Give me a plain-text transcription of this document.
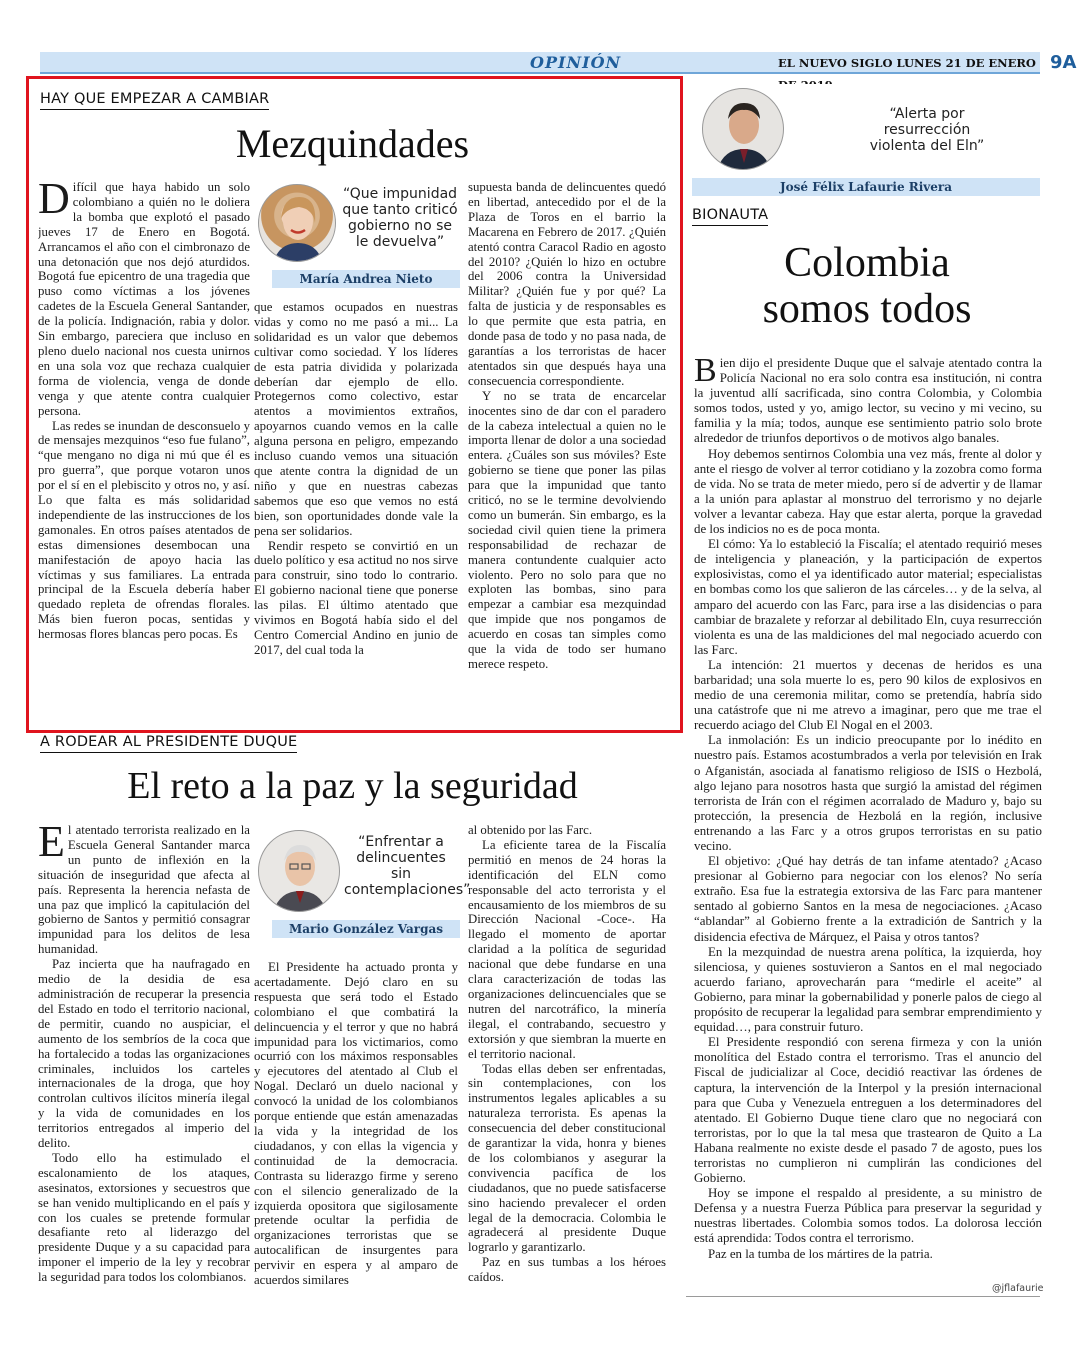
OPINIÓN	EL NUEVO SIGLO LUNES 21 DE ENERO 9A
HAY QUE EMPEZAR A CAMBIAR
Mezquindades

Difícil que haya habido un solo colombiano a quién no le doliera la bomba que explotó el pasado jueves 17 de Enero en Bogotá. Arrancamos el año con el cimbronazo de una detonación que nos dejó aturdidos. Bogotá fue epicentro de una tragedia que puso como víctimas a los jóvenes cadetes de la Escuela General Santander, de la policía. Indignación, rabia y dolor. Sin embargo, pareciera que incluso en pleno duelo nacional nos cuesta unirnos en una sola voz que rechaza cualquier forma de violencia, venga de donde venga y que atente contra cualquier persona.

Las redes se inundan de desconsuelo y de mensajes mezquinos “eso fue fulano”, “que mengano no diga ni mú que él es pro guerra”, que porque votaron unos por el sí en el plebiscito y otros no, y así. Lo que falta es más solidaridad independiente de las instrucciones de los gamonales. En otros países atentados de estas dimensiones desembocan una manifestación de apoyo hacia las víctimas y sus familiares. La entrada principal de la Escuela debería haber quedado repleta de ofrendas florales. Más bien fueron pocas, sentidas y hermosas flores blancas pero pocas. Es

“Que impunidad que tanto criticó gobierno no se le devuelva”
María Andrea Nieto

que estamos ocupados en nuestras vidas y como no me pasó a mi... La solidaridad es un valor que debemos cultivar como sociedad. Y los líderes de esta patria dividida y polarizada deberían dar ejemplo de ello. Protegernos como colectivo, estar atentos a movimientos extraños, apoyarnos cuando vemos en la calle alguna persona en peligro, empezando incluso cuando vemos una situación que atente contra la dignidad de un niño y que en nuestras cabezas sabemos que eso que vemos no está bien, son oportunidades donde vale la pena ser solidarios.

Rendir respeto se convirtió en un duelo político y esa actitud no nos sirve para construir, sino todo lo contrario. El gobierno nacional tiene que ponerse las pilas. El último atentado que vivimos en Bogotá había sido el del Centro Comercial Andino en junio de 2017, del cual toda la

supuesta banda de delincuentes quedó en libertad, antecedido por el de la Plaza de Toros en el barrio la Macarena en Febrero de 2017. ¿Quién atentó contra Caracol Radio en agosto del 2010? ¿Quién lo hizo en octubre del 2006 contra la Universidad Militar? ¿Quién fue y por qué? La falta de justicia y de responsables es lo que permite que esta patria, en donde pasa de todo y no pasa nada, de garantías a los terroristas de hacer atentados sin que después haya una consecuencia correspondiente.

Y no se trata de encarcelar inocentes sino de dar con el paradero de la cabeza intelectual a quien no le importa llenar de dolor a una sociedad entera. ¿Cuáles son sus móviles? Este gobierno se tiene que poner las pilas para que la impunidad que tanto criticó, no se le termine devolviendo como un bumerán. Sin embargo, es la sociedad civil quien tiene la primera responsabilidad de rechazar de manera contundente cualquier acto violento. Pero no solo para que no exploten las bombas, sino para empezar a cambiar esa mezquindad que impide que nos pongamos de acuerdo en cosas tan simples como que la vida de todo ser humano merece respeto.

A RODEAR AL PRESIDENTE DUQUE
El reto a la paz y la seguridad

El atentado terrorista realizado en la Escuela General Santander marca un punto de inflexión en la situación de inseguridad que afecta al país. Representa la herencia nefasta de una paz que implicó la capitulación del gobierno de Santos y permitió consagrar impunidad para los delitos de lesa humanidad.

Paz incierta que ha naufragado en medio de la desidia de esa administración de recuperar la presencia del Estado en todo el territorio nacional, de permitir, cuando no auspiciar, el aumento de los sembríos de la coca que ha fortalecido a todas las organizaciones criminales, incluidos los carteles internacionales de la droga, que hoy controlan cultivos ilícitos minería ilegal y la vida de comunidades en los territorios entregados al imperio del delito.

Todo ello ha estimulado el escalonamiento de los ataques, asesinatos, extorsiones y secuestros que se han venido multiplicando en el país y con los cuales se pretende formular desafiante reto al liderazgo del presidente Duque y a su capacidad para imponer el imperio de la ley y recobrar la seguridad para todos los colombianos.

“Enfrentar a delincuentes sin contemplaciones”
Mario González Vargas

El Presidente ha actuado pronta y acertadamente. Dejó claro en su respuesta que será todo el Estado colombiano el que combatirá la delincuencia y el terror y que no habrá impunidad para los victimarios, como ocurrió con los máximos responsables y ejecutores del atentado al Club el Nogal. Declaró un duelo nacional y convocó la unidad de los colombianos porque entiende que están amenazadas la vida y la integridad de los ciudadanos, y con ellas la vigencia y continuidad de la democracia. Contrasta su liderazgo firme y sereno con el silencio generalizado de la izquierda opositora que sigilosamente pretende ocultar la perfidia de organizaciones terroristas que se autocalifican de insurgentes para pervivir en espera y al amparo de acuerdos similares

al obtenido por las Farc.

La eficiente tarea de la Fiscalía permitió en menos de 24 horas la identificación del ELN como responsable del acto terrorista y el encausamiento de los miembros de su Dirección Nacional -Coce-. Ha llegado el momento de aportar claridad a la política de seguridad nacional que debe fundarse en una clara caracterización de todas las organizaciones delincuenciales que se nutren del narcotráfico, la minería ilegal, el contrabando, secuestro y extorsión y que siembran la muerte en el territorio nacional.

Todas ellas deben ser enfrentadas, sin contemplaciones, con los instrumentos legales aplicables a su naturaleza terrorista. Es apenas la consecuencia del deber constitucional de garantizar la vida, honra y bienes de los colombianos y asegurar la convivencia pacífica de los ciudadanos, que no puede satisfacerse sino haciendo prevalecer el orden legal de la democracia. Colombia le agradecerá al presidente Duque lograrlo y garantizarlo.

Paz en sus tumbas a los héroes caídos.

“Alerta por resurrección violenta del Eln”
José Félix Lafaurie Rivera
BIONAUTA
Colombia
somos todos

Bien dijo el presidente Duque que el salvaje atentado contra la Policía Nacional no era solo contra esa institución, ni contra la juventud allí sacrificada, sino contra Colombia, y Colombia somos todos, usted y yo, amigo lector, su vecino y mi vecino, su familia y la mía; todos, aunque ese sentimiento patrio solo brote alrededor de triunfos deportivos o de motivos algo banales.

Hoy debemos sentirnos Colombia una vez más, frente al dolor y ante el riesgo de volver al terror cotidiano y la zozobra como forma de vida. No se trata de meter miedo, pero sí de advertir y de llamar a la unión para aplastar al monstruo del terrorismo y no dejarle volver a levantar cabeza. Hay que estar alerta, porque la gravedad de los indicios no es de poca monta.

El cómo: Ya lo estableció la Fiscalía; el atentado requirió meses de inteligencia y planeación, y la participación de expertos explosivistas, como el ya identificado autor material; especialistas en bombas como los que salieron de las cárceles… y de la selva, al amparo del acuerdo con las Farc, para irse a las disidencias o para cambiar de brazalete y reforzar al debilitado Eln, cuya resurrección violenta es una de las maldiciones del mal negociado acuerdo con las Farc.

La intención: 21 muertos y decenas de heridos es una barbaridad; una sola muerte lo es, pero 90 kilos de explosivos en medio de una ceremonia militar, como se pretendía, habría sido una catástrofe que ni me atrevo a imaginar, pero que me trae el recuerdo aciago del Club El Nogal en el 2003.

La inmolación: Es un indicio preocupante por lo inédito en nuestro país. Estamos acostumbrados a verla por televisión en Irak o Afganistán, asociada al fanatismo religioso de ISIS o Hezbolá, algo lejano para nosotros hasta que surgió la amistad del régimen terrorista de Irán con el régimen acorralado de Maduro y, bajo su protección, la presencia de Hezbolá en la región, inclusive entrenando a las Farc y a otros grupos terroristas en su patio vecino.

El objetivo: ¿Qué hay detrás de tan infame atentado? ¿Acaso presionar al Gobierno para negociar con los elenos? No sería extraño. Esa fue la estrategia extorsiva de las Farc para mantener sentado al gobierno Santos en la mesa de negociaciones. ¿Acaso “ablandar” al Gobierno frente a la extradición de Santrich y la disidencia efectiva de Márquez, el Paisa y otros tantos?

En la mezquindad de nuestra arena política, la izquierda, hoy silenciosa, y quienes sostuvieron a Santos en el mal negociado acuerdo fariano, aprovecharán para “medirle el aceite” al Gobierno, para minar la gobernabilidad y ponerle palos de ciego al propósito de recuperar la legalidad para sembrar emprendimiento y equidad…, para construir futuro.

El Presidente respondió con serena firmeza y con la unión monolítica del Estado contra el terrorismo. Tras el anuncio del Fiscal de judicializar al Coce, decidió reactivar las órdenes de captura, la intervención de la Interpol y la presión internacional para que Cuba y Venezuela entreguen a los determinadores del atentado. El Gobierno Duque tiene claro que no negociará con terroristas, por lo que la tal mesa que trastearon de Quito a La Habana realmente no existe desde el pasado 7 de agosto, pues los terroristas no cumplieron ni cumplirán las condiciones del Gobierno.

Hoy se impone el respaldo al presidente, a su ministro de Defensa y a nuestra Fuerza Pública para preservar la seguridad y nuestras libertades. Colombia somos todos. La dolorosa lección está aprendida: Todos contra el terrorismo.

Paz en la tumba de los mártires de la patria.

@jflafaurie
